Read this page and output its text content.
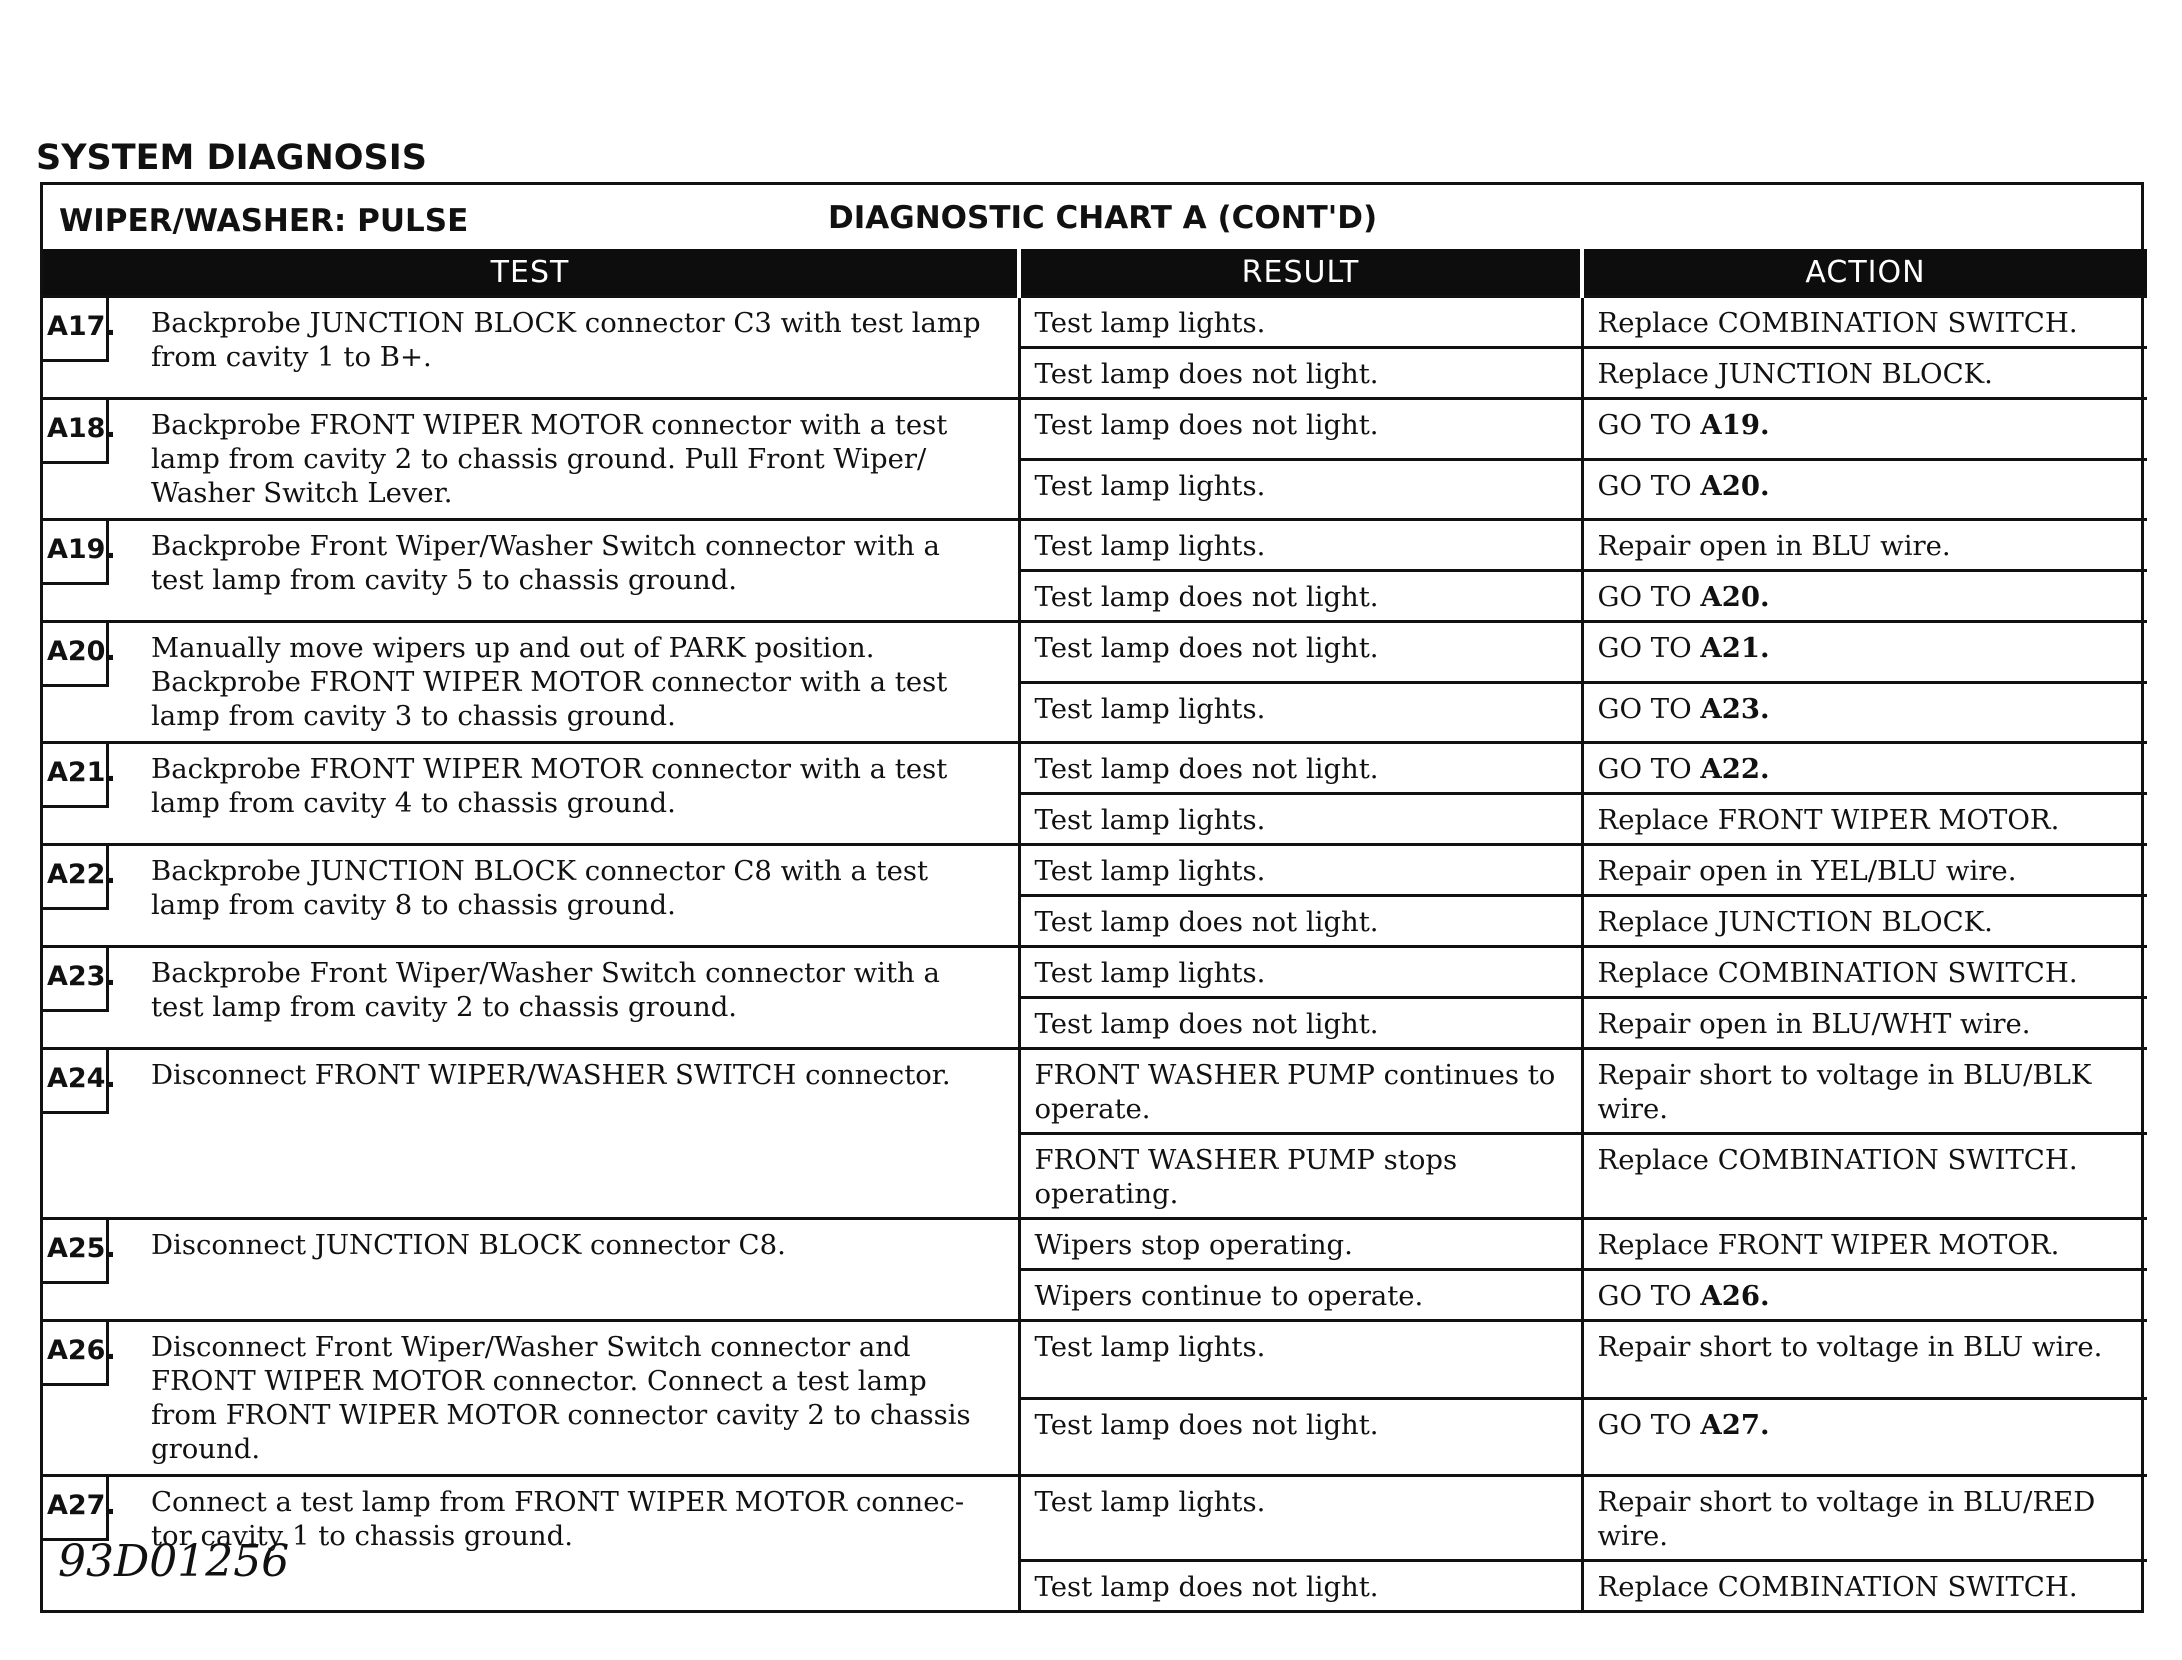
SYSTEM DIAGNOSIS
WIPER/WASHER: PULSE	DIAGNOSTIC CHART A (CONT'D)
TEST	RESULT	ACTION

A17. Backprobe JUNCTION BLOCK connector C3 with test lamp from cavity 1 to B+.	Test lamp lights.	Replace COMBINATION SWITCH.
	Test lamp does not light.	Replace JUNCTION BLOCK.

A18. Backprobe FRONT WIPER MOTOR connector with a test lamp from cavity 2 to chassis ground. Pull Front Wiper/ Washer Switch Lever.	Test lamp does not light.	GO TO A19.
	Test lamp lights.	GO TO A20.

A19. Backprobe Front Wiper/Washer Switch connector with a test lamp from cavity 5 to chassis ground.	Test lamp lights.	Repair open in BLU wire.
	Test lamp does not light.	GO TO A20.

A20. Manually move wipers up and out of PARK position. Backprobe FRONT WIPER MOTOR connector with a test lamp from cavity 3 to chassis ground.	Test lamp does not light.	GO TO A21.
	Test lamp lights.	GO TO A23.

A21. Backprobe FRONT WIPER MOTOR connector with a test lamp from cavity 4 to chassis ground.	Test lamp does not light.	GO TO A22.
	Test lamp lights.	Replace FRONT WIPER MOTOR.

A22. Backprobe JUNCTION BLOCK connector C8 with a test lamp from cavity 8 to chassis ground.	Test lamp lights.	Repair open in YEL/BLU wire.
	Test lamp does not light.	Replace JUNCTION BLOCK.

A23. Backprobe Front Wiper/Washer Switch connector with a test lamp from cavity 2 to chassis ground.	Test lamp lights.	Replace COMBINATION SWITCH.
	Test lamp does not light.	Repair open in BLU/WHT wire.

A24. Disconnect FRONT WIPER/WASHER SWITCH connector.	FRONT WASHER PUMP continues to operate.	Repair short to voltage in BLU/BLK wire.
	FRONT WASHER PUMP stops operating.	Replace COMBINATION SWITCH.

A25. Disconnect JUNCTION BLOCK connector C8.	Wipers stop operating.	Replace FRONT WIPER MOTOR.
	Wipers continue to operate.	GO TO A26.

A26. Disconnect Front Wiper/Washer Switch connector and FRONT WIPER MOTOR connector. Connect a test lamp from FRONT WIPER MOTOR connector cavity 2 to chassis ground.	Test lamp lights.	Repair short to voltage in BLU wire.
	Test lamp does not light.	GO TO A27.

A27. Connect a test lamp from FRONT WIPER MOTOR connec- tor cavity 1 to chassis ground.	Test lamp lights.	Repair short to voltage in BLU/RED wire.
	Test lamp does not light.	Replace COMBINATION SWITCH.
93D01256
